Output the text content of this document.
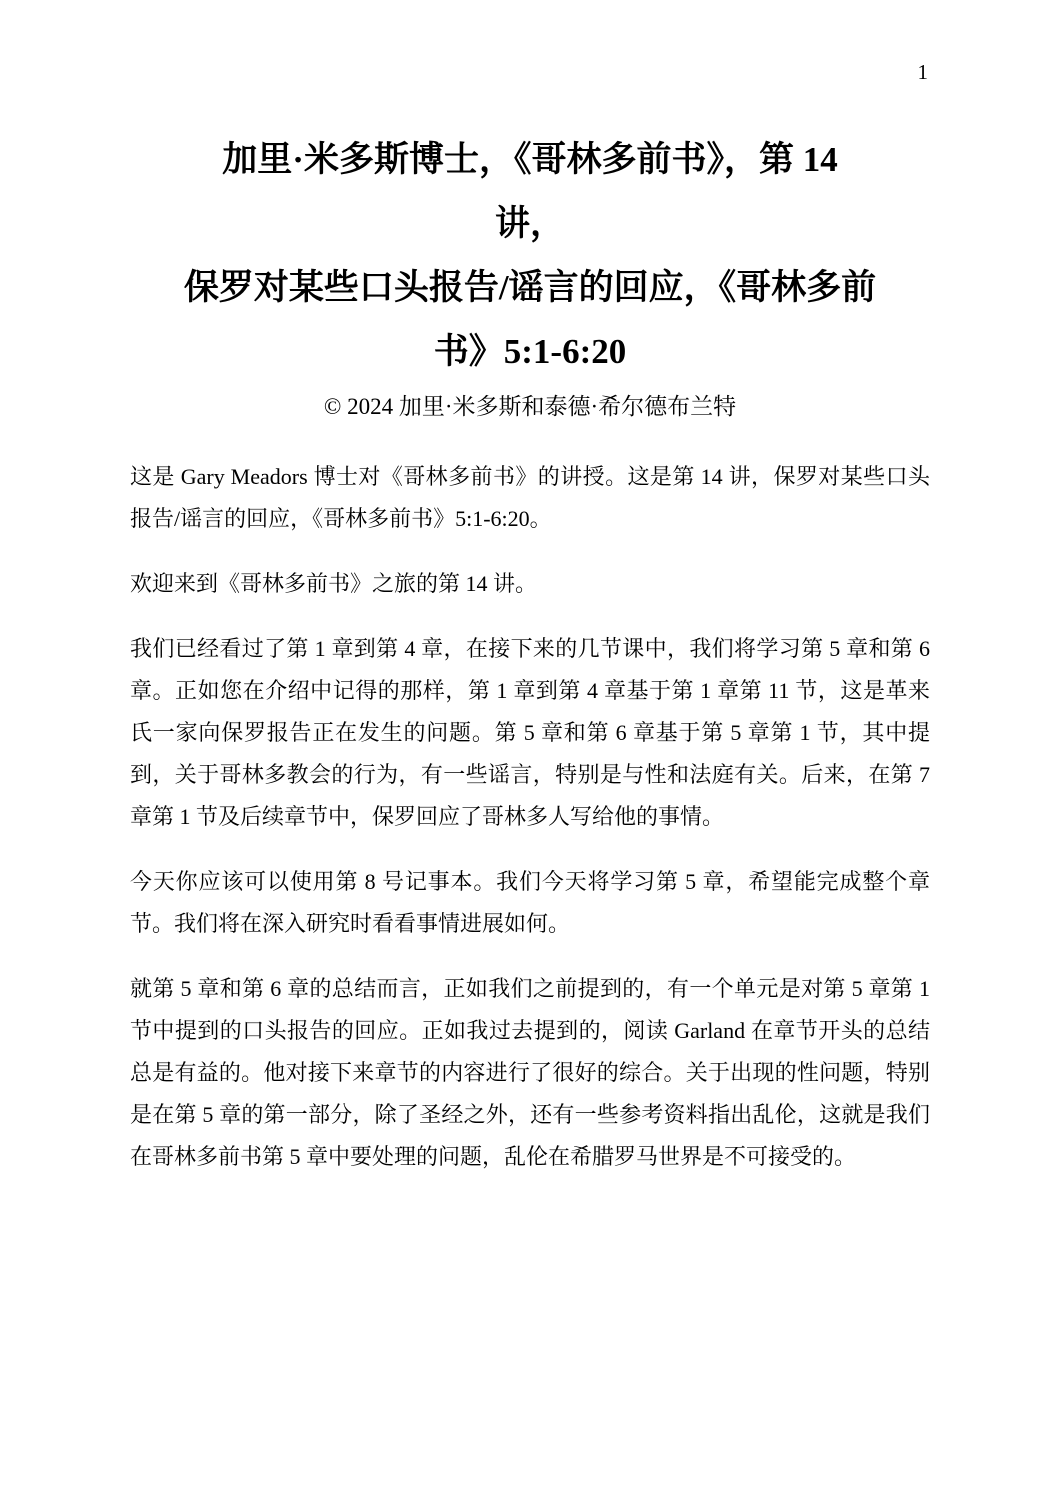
1
加里·米多斯博士，《哥林多前书》，第 14
讲，
保罗对某些口头报告/谣言的回应，《哥林多前
书》5:1-6:20
© 2024 加里·米多斯和泰德·希尔德布兰特

这是 Gary Meadors 博士对《哥林多前书》的讲授。这是第 14 讲，保罗对某些口头报告/谣言的回应，《哥林多前书》5:1-6:20。

欢迎来到《哥林多前书》之旅的第 14 讲。

我们已经看过了第 1 章到第 4 章，在接下来的几节课中，我们将学习第 5 章和第 6 章。正如您在介绍中记得的那样，第 1 章到第 4 章基于第 1 章第 11 节，这是革来氏一家向保罗报告正在发生的问题。第 5 章和第 6 章基于第 5 章第 1 节，其中提到，关于哥林多教会的行为，有一些谣言，特别是与性和法庭有关。后来，在第 7 章第 1 节及后续章节中，保罗回应了哥林多人写给他的事情。

今天你应该可以使用第 8 号记事本。我们今天将学习第 5 章，希望能完成整个章节。我们将在深入研究时看看事情进展如何。

就第 5 章和第 6 章的总结而言，正如我们之前提到的，有一个单元是对第 5 章第 1 节中提到的口头报告的回应。正如我过去提到的，阅读 Garland 在章节开头的总结总是有益的。他对接下来章节的内容进行了很好的综合。关于出现的性问题，特别是在第 5 章的第一部分，除了圣经之外，还有一些参考资料指出乱伦，这就是我们在哥林多前书第 5 章中要处理的问题，乱伦在希腊罗马世界是不可接受的。
